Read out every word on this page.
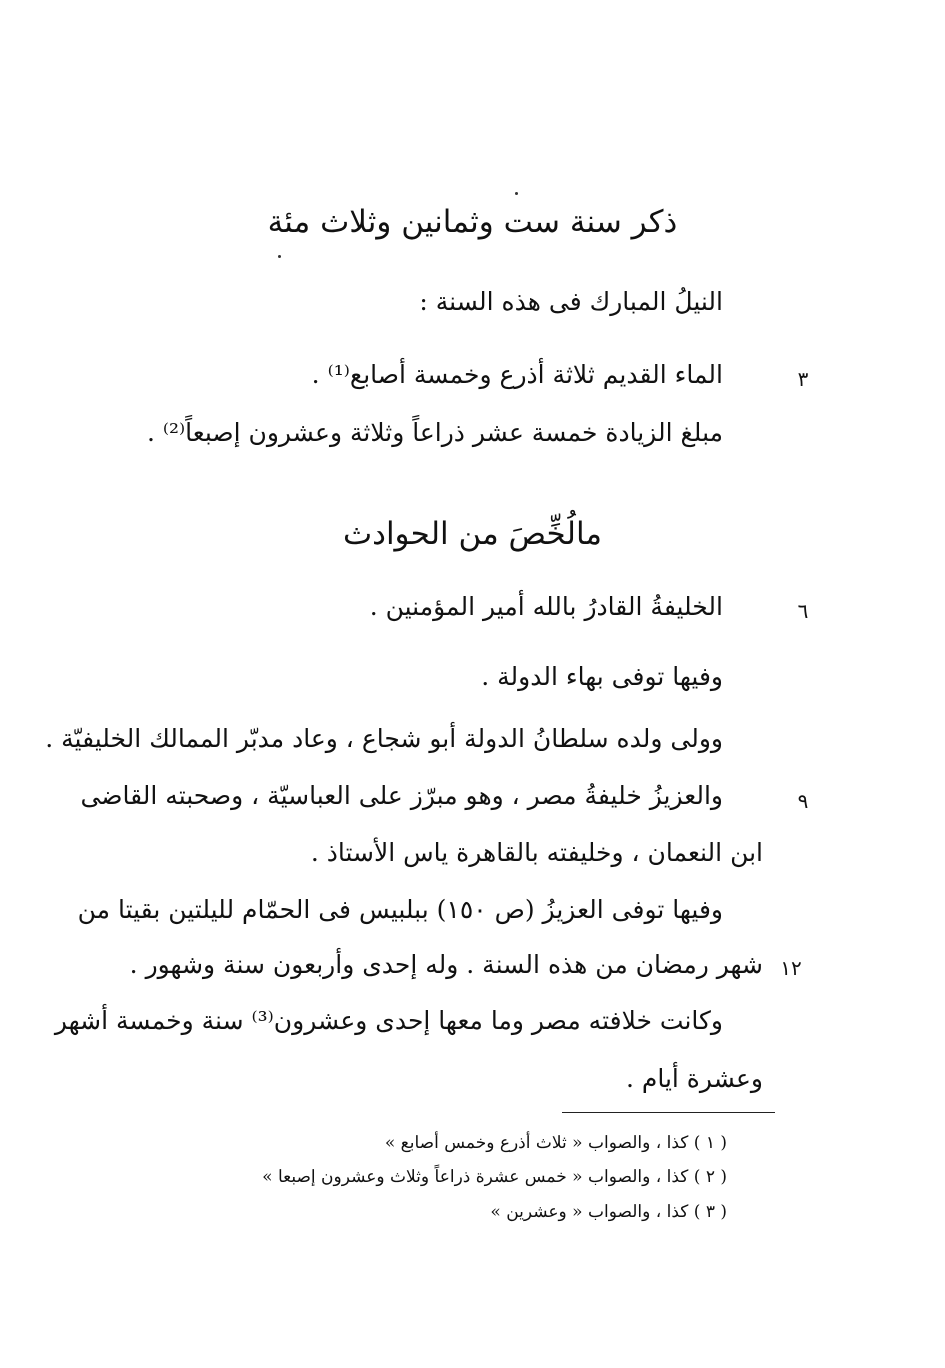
ذكر سنة ست وثمانين وثلاث مئة
النيلُ المبارك فى هذه السنة :
٣
الماء القديم ثلاثة أذرع وخمسة أصابع⁽¹⁾ .
مبلغ الزيادة خمسة عشر ذراعاً وثلاثة وعشرون إصبعاً⁽²⁾ .
مالُخِّصَ من الحوادث
٦
الخليفةُ القادرُ بالله أمير المؤمنين .
وفيها توفى بهاء الدولة .
وولى ولده سلطانُ الدولة أبو شجاع ، وعاد مدبّر الممالك الخليفيّة .
٩
والعزيزُ خليفةُ مصر ، وهو مبرّز على العباسيّة ، وصحبته القاضى
ابن النعمان ، وخليفته بالقاهرة ياس الأستاذ .
وفيها توفى العزيزُ (ص ١٥٠) ببلبيس فى الحمّام لليلتين بقيتا من
١٢
شهر رمضان من هذه السنة . وله إحدى وأربعون سنة وشهور .
وكانت خلافته مصر وما معها إحدى وعشرون⁽³⁾ سنة وخمسة أشهر
وعشرة أيام .
( ١ ) كذا ، والصواب « ثلاث أذرع وخمس أصابع »
( ٢ ) كذا ، والصواب « خمس عشرة ذراعاً وثلاث وعشرون إصبعا »
( ٣ ) كذا ، والصواب « وعشرين »
